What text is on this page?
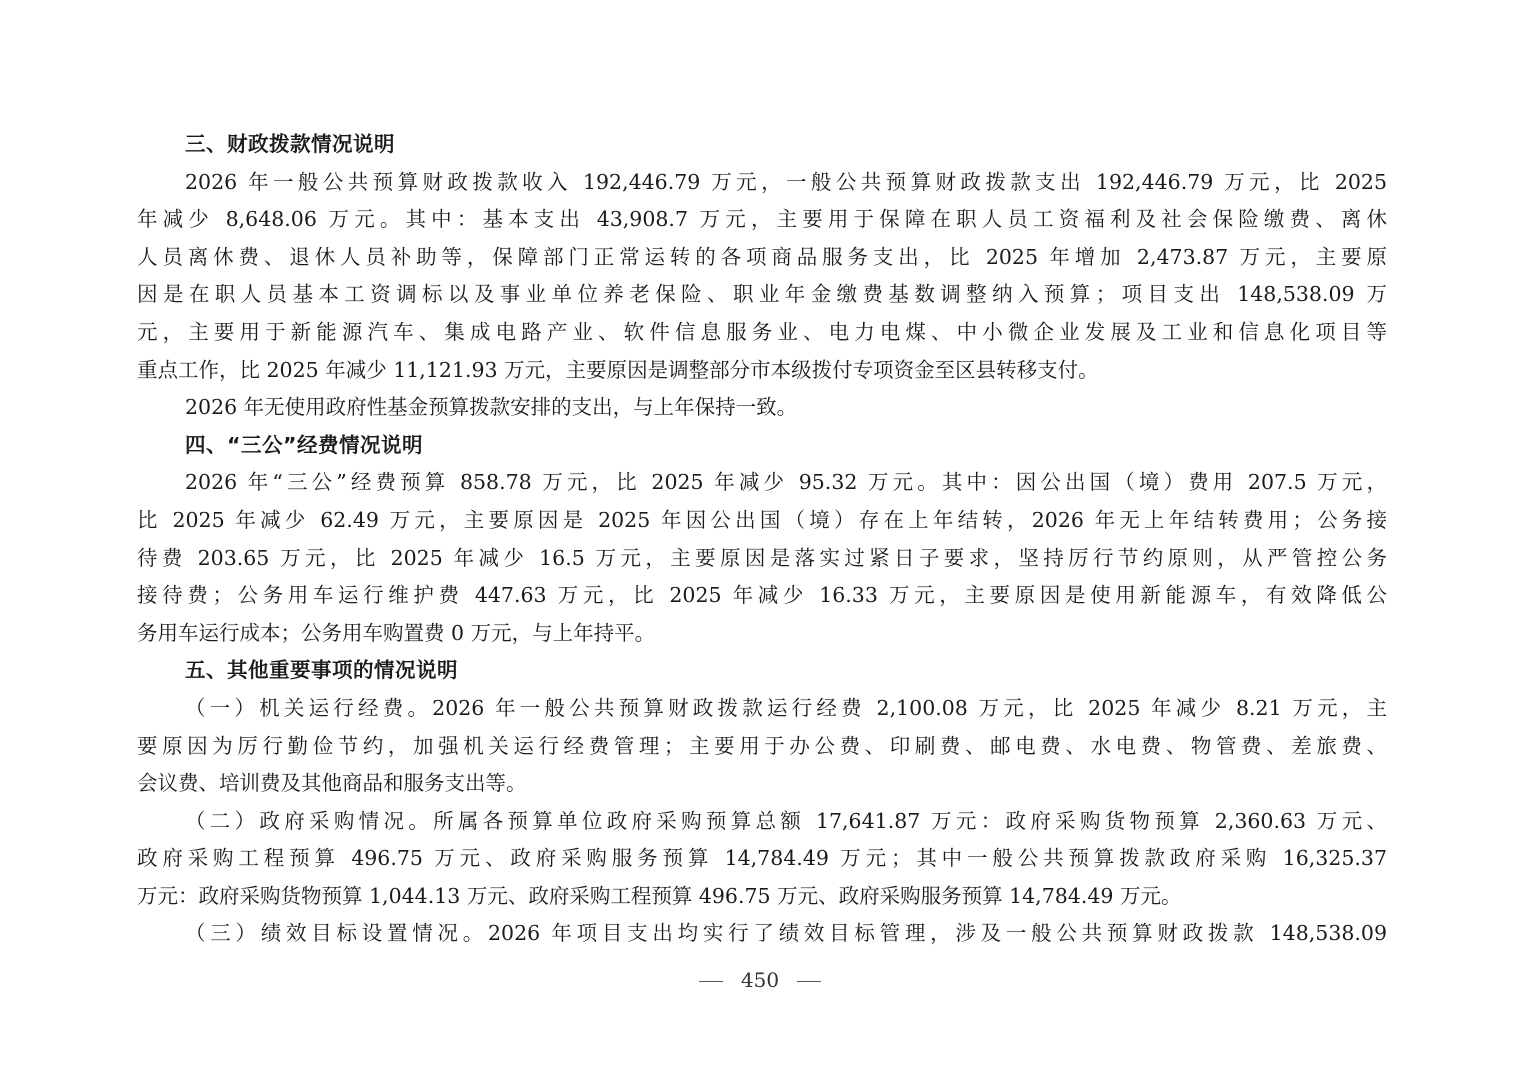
三、财政拨款情况说明
2026 年一般公共预算财政拨款收入 192,446.79 万元，一般公共预算财政拨款支出 192,446.79 万元，比 2025
年减少 8,648.06 万元。其中：基本支出 43,908.7 万元，主要用于保障在职人员工资福利及社会保险缴费、离休
人员离休费、退休人员补助等，保障部门正常运转的各项商品服务支出，比 2025 年增加 2,473.87 万元，主要原
因是在职人员基本工资调标以及事业单位养老保险、职业年金缴费基数调整纳入预算；项目支出 148,538.09 万
元，主要用于新能源汽车、集成电路产业、软件信息服务业、电力电煤、中小微企业发展及工业和信息化项目等
重点工作，比 2025 年减少 11,121.93 万元，主要原因是调整部分市本级拨付专项资金至区县转移支付。
2026 年无使用政府性基金预算拨款安排的支出，与上年保持一致。
四、“三公”经费情况说明
2026 年“三公”经费预算 858.78 万元，比 2025 年减少 95.32 万元。其中：因公出国（境）费用 207.5 万元，
比 2025 年减少 62.49 万元，主要原因是 2025 年因公出国（境）存在上年结转，2026 年无上年结转费用；公务接
待费 203.65 万元，比 2025 年减少 16.5 万元，主要原因是落实过紧日子要求，坚持厉行节约原则，从严管控公务
接待费；公务用车运行维护费 447.63 万元，比 2025 年减少 16.33 万元，主要原因是使用新能源车，有效降低公
务用车运行成本；公务用车购置费 0 万元，与上年持平。
五、其他重要事项的情况说明
（一）机关运行经费。2026 年一般公共预算财政拨款运行经费 2,100.08 万元，比 2025 年减少 8.21 万元，主
要原因为厉行勤俭节约，加强机关运行经费管理；主要用于办公费、印刷费、邮电费、水电费、物管费、差旅费、
会议费、培训费及其他商品和服务支出等。
（二）政府采购情况。所属各预算单位政府采购预算总额 17,641.87 万元：政府采购货物预算 2,360.63 万元、
政府采购工程预算 496.75 万元、政府采购服务预算 14,784.49 万元；其中一般公共预算拨款政府采购 16,325.37
万元：政府采购货物预算 1,044.13 万元、政府采购工程预算 496.75 万元、政府采购服务预算 14,784.49 万元。
（三）绩效目标设置情况。2026 年项目支出均实行了绩效目标管理，涉及一般公共预算财政拨款 148,538.09
450
